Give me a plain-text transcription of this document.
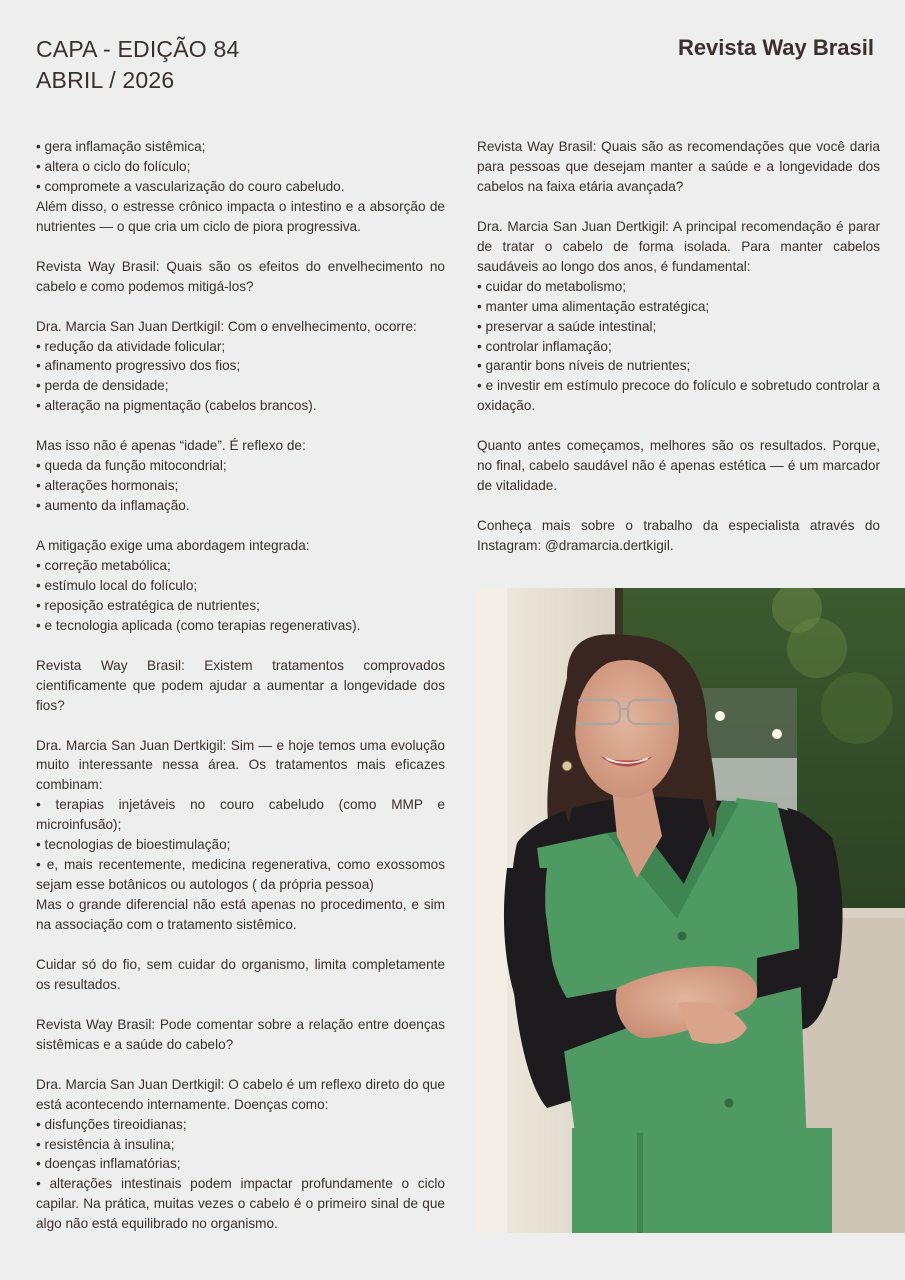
CAPA - EDIÇÃO 84
ABRIL / 2026
Revista Way Brasil
• gera inflamação sistêmica;
• altera o ciclo do folículo;
• compromete a vascularização do couro cabeludo.
Além disso, o estresse crônico impacta o intestino e a absorção de nutrientes — o que cria um ciclo de piora progressiva.
Revista Way Brasil: Quais são os efeitos do envelhecimento no cabelo e como podemos mitigá-los?
Dra. Marcia San Juan Dertkigil: Com o envelhecimento, ocorre:
• redução da atividade folicular;
• afinamento progressivo dos fios;
• perda de densidade;
• alteração na pigmentação (cabelos brancos).
Mas isso não é apenas “idade”. É reflexo de:
• queda da função mitocondrial;
• alterações hormonais;
• aumento da inflamação.
A mitigação exige uma abordagem integrada:
• correção metabólica;
• estímulo local do folículo;
• reposição estratégica de nutrientes;
• e tecnologia aplicada (como terapias regenerativas).
Revista Way Brasil: Existem tratamentos comprovados cientificamente que podem ajudar a aumentar a longevidade dos fios?
Dra. Marcia San Juan Dertkigil: Sim — e hoje temos uma evolução muito interessante nessa área. Os tratamentos mais eficazes combinam:
• terapias injetáveis no couro cabeludo (como MMP e microinfusão);
• tecnologias de bioestimulação;
• e, mais recentemente, medicina regenerativa, como exossomos sejam esse botânicos ou autologos ( da própria pessoa)
Mas o grande diferencial não está apenas no procedimento, e sim na associação com o tratamento sistêmico.
Cuidar só do fio, sem cuidar do organismo, limita completamente os resultados.
Revista Way Brasil: Pode comentar sobre a relação entre doenças sistêmicas e a saúde do cabelo?
Dra. Marcia San Juan Dertkigil: O cabelo é um reflexo direto do que está acontecendo internamente. Doenças como:
• disfunções tireoidianas;
• resistência à insulina;
• doenças inflamatórias;
• alterações intestinais podem impactar profundamente o ciclo capilar. Na prática, muitas vezes o cabelo é o primeiro sinal de que algo não está equilibrado no organismo.
Revista Way Brasil: Quais são as recomendações que você daria para pessoas que desejam manter a saúde e a longevidade dos cabelos na faixa etária avançada?
Dra. Marcia San Juan Dertkigil: A principal recomendação é parar de tratar o cabelo de forma isolada. Para manter cabelos saudáveis ao longo dos anos, é fundamental:
• cuidar do metabolismo;
• manter uma alimentação estratégica;
• preservar a saúde intestinal;
• controlar inflamação;
• garantir bons níveis de nutrientes;
• e investir em estímulo precoce do folículo e sobretudo controlar a oxidação.
Quanto antes começamos, melhores são os resultados. Porque, no final, cabelo saudável não é apenas estética — é um marcador de vitalidade.
Conheça mais sobre o trabalho da especialista através do Instagram: @dramarcia.dertkigil.
